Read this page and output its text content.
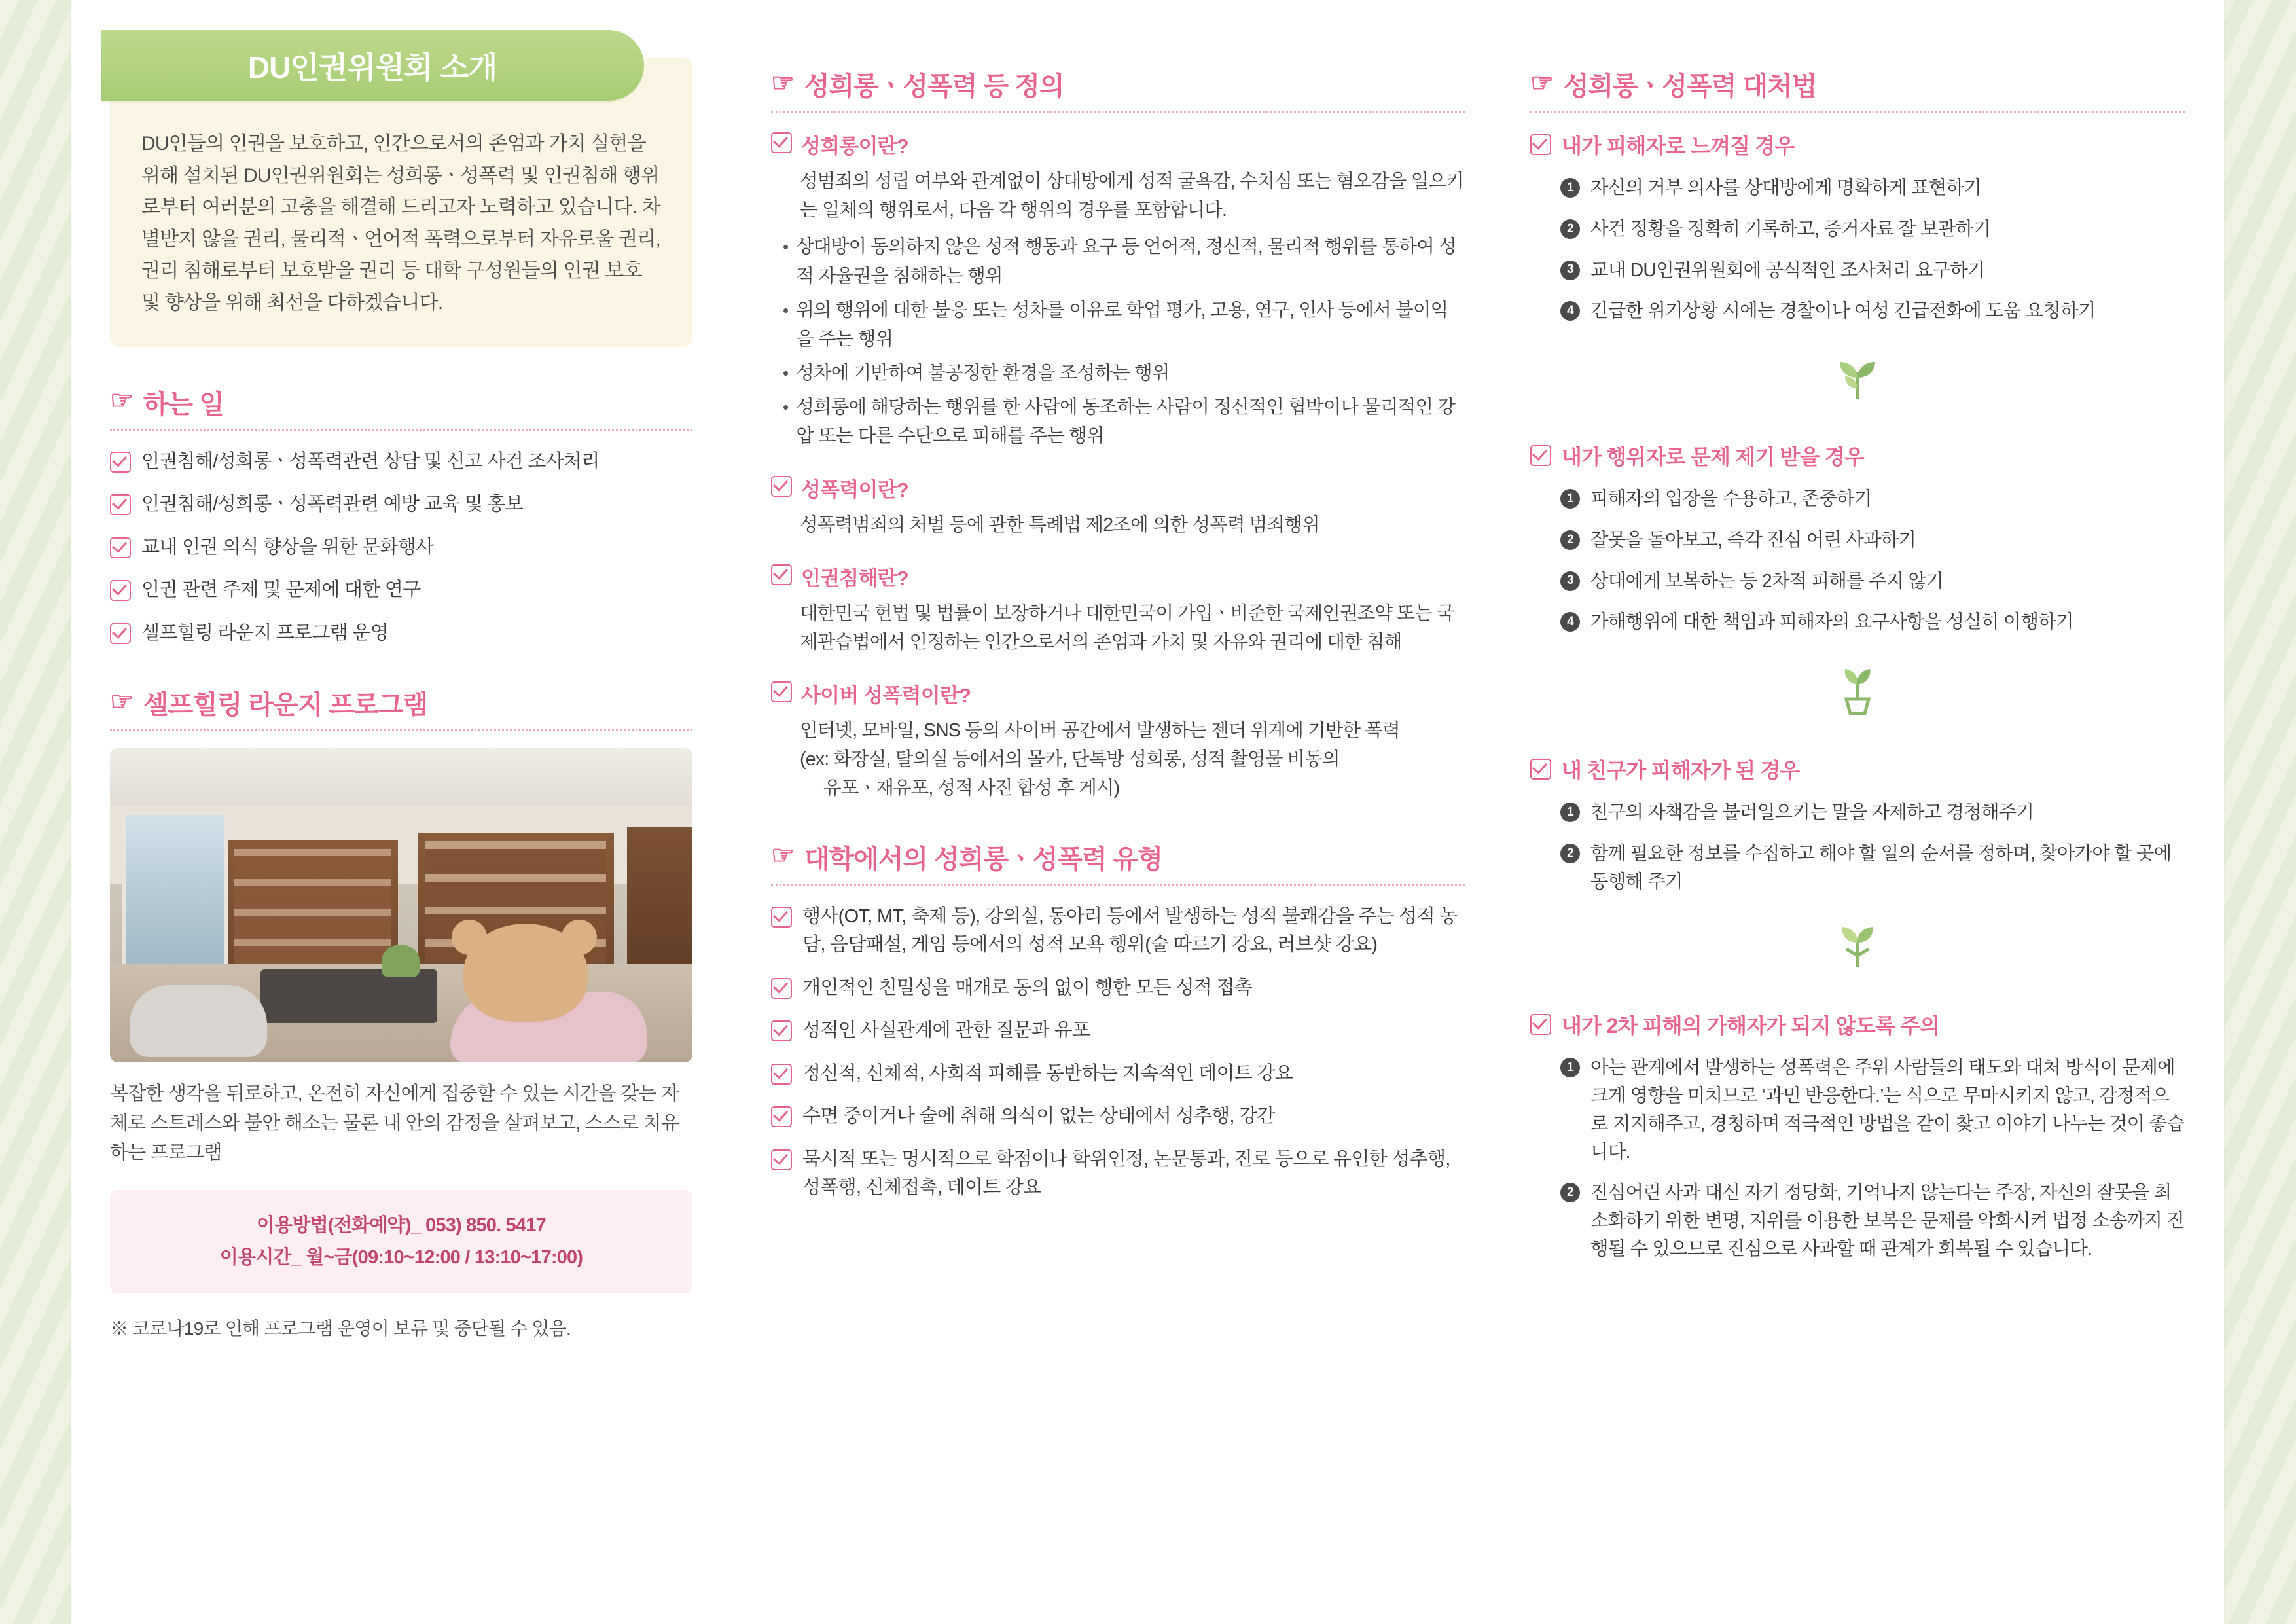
DU인권위원회 소개
DU인들의 인권을 보호하고, 인간으로서의 존엄과 가치 실현을 위해 설치된 DU인권위원회는 성희롱ㆍ성폭력 및 인권침해 행위로부터 여러분의 고충을 해결해 드리고자 노력하고 있습니다. 차별받지 않을 권리, 물리적ㆍ언어적 폭력으로부터 자유로울 권리, 권리 침해로부터 보호받을 권리 등 대학 구성원들의 인권 보호 및 향상을 위해 최선을 다하겠습니다.
☞ 하는 일
인권침해/성희롱ㆍ성폭력관련 상담 및 신고 사건 조사처리
인권침해/성희롱ㆍ성폭력관련 예방 교육 및 홍보
교내 인권 의식 향상을 위한 문화행사
인권 관련 주제 및 문제에 대한 연구
셀프힐링 라운지 프로그램 운영
☞ 셀프힐링 라운지 프로그램
복잡한 생각을 뒤로하고, 온전히 자신에게 집중할 수 있는 시간을 갖는 자체로 스트레스와 불안 해소는 물론 내 안의 감정을 살펴보고, 스스로 치유하는 프로그램
이용방법(전화예약)_ 053) 850. 5417
이용시간_ 월~금(09:10~12:00 / 13:10~17:00)
※ 코로나19로 인해 프로그램 운영이 보류 및 중단될 수 있음.
☞ 성희롱ㆍ성폭력 등 정의
성희롱이란?
성범죄의 성립 여부와 관계없이 상대방에게 성적 굴욕감, 수치심 또는 혐오감을 일으키는 일체의 행위로서, 다음 각 행위의 경우를 포함합니다.
• 상대방이 동의하지 않은 성적 행동과 요구 등 언어적, 정신적, 물리적 행위를 통하여 성적 자율권을 침해하는 행위
• 위의 행위에 대한 불응 또는 성차를 이유로 학업 평가, 고용, 연구, 인사 등에서 불이익을 주는 행위
• 성차에 기반하여 불공정한 환경을 조성하는 행위
• 성희롱에 해당하는 행위를 한 사람에 동조하는 사람이 정신적인 협박이나 물리적인 강압 또는 다른 수단으로 피해를 주는 행위
성폭력이란?
성폭력범죄의 처벌 등에 관한 특례법 제2조에 의한 성폭력 범죄행위
인권침해란?
대한민국 헌법 및 법률이 보장하거나 대한민국이 가입ㆍ비준한 국제인권조약 또는 국제관습법에서 인정하는 인간으로서의 존엄과 가치 및 자유와 권리에 대한 침해
사이버 성폭력이란?
인터넷, 모바일, SNS 등의 사이버 공간에서 발생하는 젠더 위계에 기반한 폭력
(ex: 화장실, 탈의실 등에서의 몰카, 단톡방 성희롱, 성적 촬영물 비동의
유포ㆍ재유포, 성적 사진 합성 후 게시)
☞ 대학에서의 성희롱ㆍ성폭력 유형
행사(OT, MT, 축제 등), 강의실, 동아리 등에서 발생하는 성적 불쾌감을 주는 성적 농담, 음담패설, 게임 등에서의 성적 모욕 행위(술 따르기 강요, 러브샷 강요)
개인적인 친밀성을 매개로 동의 없이 행한 모든 성적 접촉
성적인 사실관계에 관한 질문과 유포
정신적, 신체적, 사회적 피해를 동반하는 지속적인 데이트 강요
수면 중이거나 술에 취해 의식이 없는 상태에서 성추행, 강간
묵시적 또는 명시적으로 학점이나 학위인정, 논문통과, 진로 등으로 유인한 성추행, 성폭행, 신체접촉, 데이트 강요
☞ 성희롱ㆍ성폭력 대처법
내가 피해자로 느껴질 경우
1 자신의 거부 의사를 상대방에게 명확하게 표현하기
2 사건 정황을 정확히 기록하고, 증거자료 잘 보관하기
3 교내 DU인권위원회에 공식적인 조사처리 요구하기
4 긴급한 위기상황 시에는 경찰이나 여성 긴급전화에 도움 요청하기
내가 행위자로 문제 제기 받을 경우
1 피해자의 입장을 수용하고, 존중하기
2 잘못을 돌아보고, 즉각 진심 어린 사과하기
3 상대에게 보복하는 등 2차적 피해를 주지 않기
4 가해행위에 대한 책임과 피해자의 요구사항을 성실히 이행하기
내 친구가 피해자가 된 경우
1 친구의 자책감을 불러일으키는 말을 자제하고 경청해주기
2 함께 필요한 정보를 수집하고 해야 할 일의 순서를 정하며, 찾아가야 할 곳에 동행해 주기
내가 2차 피해의 가해자가 되지 않도록 주의
1 아는 관계에서 발생하는 성폭력은 주위 사람들의 태도와 대처 방식이 문제에 크게 영향을 미치므로 ‘과민 반응한다.’는 식으로 무마시키지 않고, 감정적으로 지지해주고, 경청하며 적극적인 방법을 같이 찾고 이야기 나누는 것이 좋습니다.
2 진심어린 사과 대신 자기 정당화, 기억나지 않는다는 주장, 자신의 잘못을 최소화하기 위한 변명, 지위를 이용한 보복은 문제를 악화시켜 법정 소송까지 진행될 수 있으므로 진심으로 사과할 때 관계가 회복될 수 있습니다.
